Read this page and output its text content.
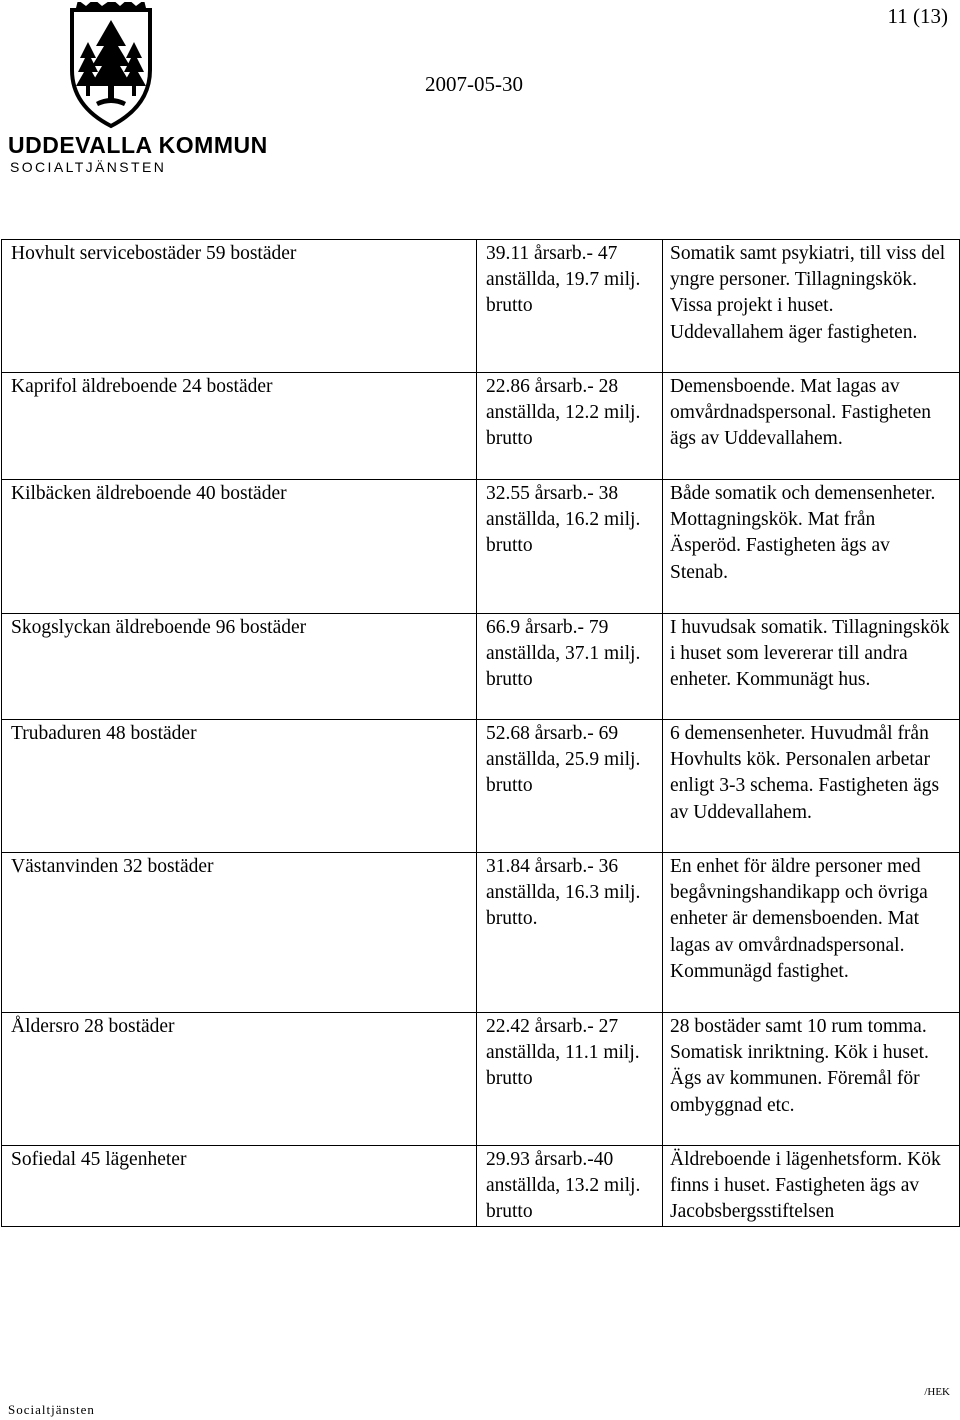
UDDEVALLA KOMMUN
SOCIALTJÄNSTEN
11 (13)
2007-05-30
Hovhult servicebostäder 59 bostäder	39.11 årsarb.- 47 anställda, 19.7 milj. brutto	Somatik samt psykiatri, till viss del yngre personer. Tillagningskök. Vissa projekt i huset. Uddevallahem äger fastigheten.

Kaprifol äldreboende 24 bostäder	22.86 årsarb.- 28 anställda, 12.2 milj. brutto	Demensboende. Mat lagas av omvårdnadspersonal. Fastigheten ägs av Uddevallahem.

Kilbäcken äldreboende 40 bostäder	32.55 årsarb.- 38 anställda, 16.2 milj. brutto	Både somatik och demensenheter. Mottagningskök. Mat från Äsperöd. Fastigheten ägs av Stenab.

Skogslyckan äldreboende 96 bostäder	66.9 årsarb.- 79 anställda, 37.1 milj. brutto	I huvudsak somatik. Tillagningskök i huset som levererar till andra enheter. Kommunägt hus.

Trubaduren 48 bostäder	52.68 årsarb.- 69 anställda, 25.9 milj. brutto	6 demensenheter. Huvudmål från Hovhults kök. Personalen arbetar enligt 3-3 schema. Fastigheten ägs av Uddevallahem.

Västanvinden 32 bostäder	31.84 årsarb.- 36 anställda, 16.3 milj. brutto.	En enhet för äldre personer med begåvningshandikapp och övriga enheter är demensboenden. Mat lagas av omvårdnadspersonal. Kommunägd fastighet.

Åldersro 28 bostäder	22.42 årsarb.- 27 anställda, 11.1 milj. brutto	28 bostäder samt 10 rum tomma. Somatisk inriktning. Kök i huset. Ägs av kommunen. Föremål för ombyggnad etc.

Sofiedal 45 lägenheter	29.93 årsarb.-40 anställda, 13.2 milj. brutto	Äldreboende i lägenhetsform. Kök finns i huset. Fastigheten ägs av Jacobsbergsstiftelsen
Socialtjänsten
/HEK
